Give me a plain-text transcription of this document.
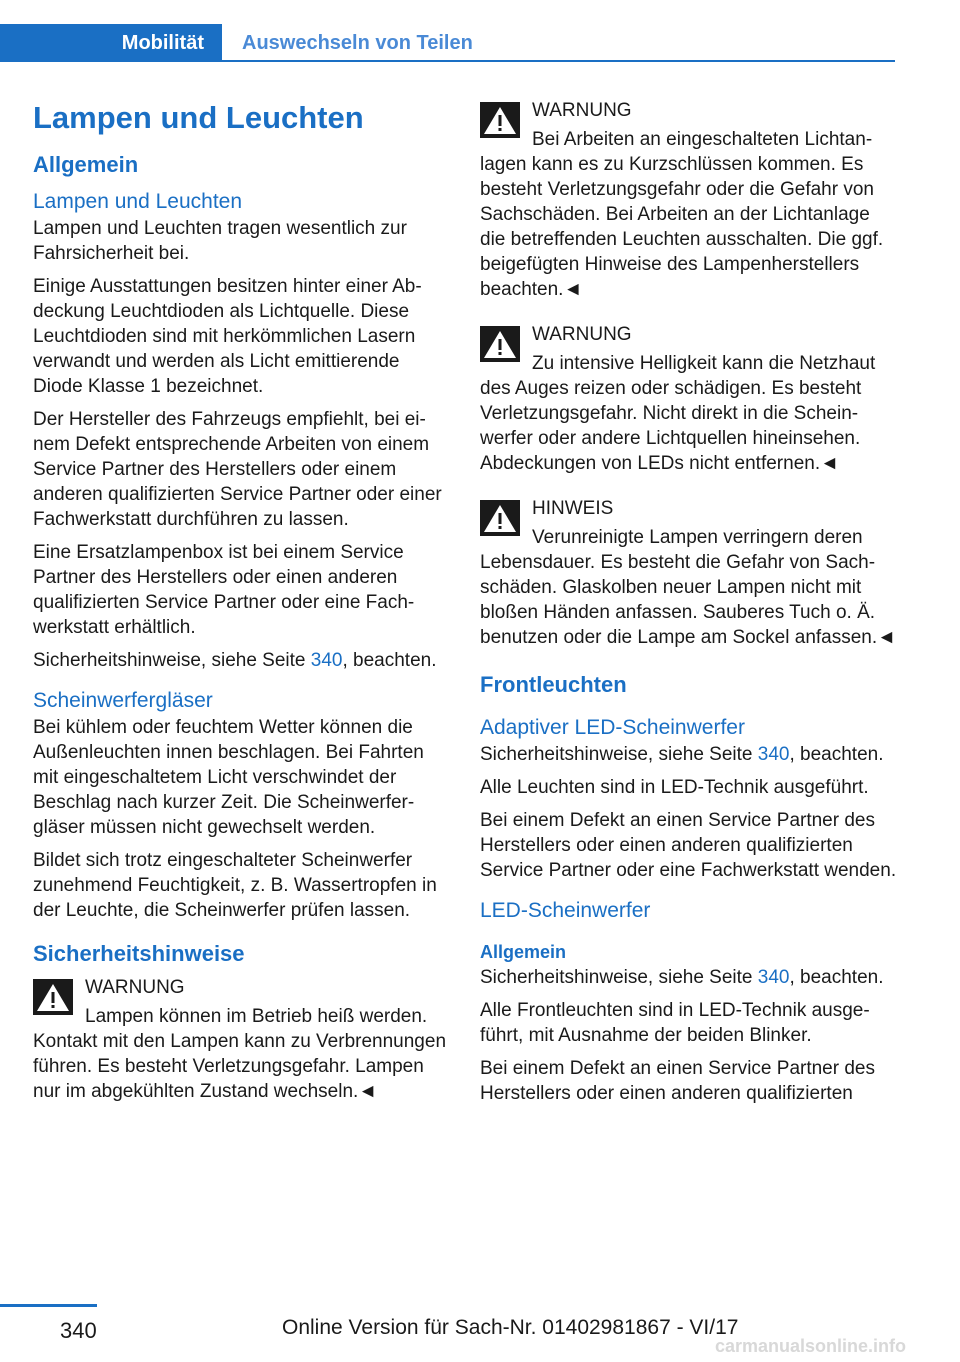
Mobilität	Auswechseln von Teilen
Lampen und Leuchten
Allgemein
Lampen und Leuchten

Lampen und Leuchten tragen wesentlich zur Fahrsicherheit bei.

Einige Ausstattungen besitzen hinter einer Abdeckung Leuchtdioden als Lichtquelle. Diese Leuchtdioden sind mit herkömmlichen Lasern verwandt und werden als Licht emittierende Diode Klasse 1 bezeichnet.

Der Hersteller des Fahrzeugs empfiehlt, bei einem Defekt entsprechende Arbeiten von einem Service Partner des Herstellers oder einem anderen qualifizierten Service Partner oder einer Fachwerkstatt durchführen zu lassen.

Eine Ersatzlampenbox ist bei einem Service Partner des Herstellers oder einen anderen qualifizierten Service Partner oder eine Fachwerkstatt erhältlich.

Sicherheitshinweise, siehe Seite 340, beachten.

Scheinwerfergläser

Bei kühlem oder feuchtem Wetter können die Außenleuchten innen beschlagen. Bei Fahrten mit eingeschaltetem Licht verschwindet der Beschlag nach kurzer Zeit. Die Scheinwerfergläser müssen nicht gewechselt werden.

Bildet sich trotz eingeschalteter Scheinwerfer zunehmend Feuchtigkeit, z. B. Wassertropfen in der Leuchte, die Scheinwerfer prüfen lassen.

Sicherheitshinweise
WARNUNG
Lampen können im Betrieb heiß werden. Kontakt mit den Lampen kann zu Verbrennungen führen. Es besteht Verletzungsgefahr. Lampen nur im abgekühlten Zustand wechseln.◄
WARNUNG
Bei Arbeiten an eingeschalteten Lichtanlagen kann es zu Kurzschlüssen kommen. Es besteht Verletzungsgefahr oder die Gefahr von Sachschäden. Bei Arbeiten an der Lichtanlage die betreffenden Leuchten ausschalten. Die ggf. beigefügten Hinweise des Lampenherstellers beachten.◄
WARNUNG
Zu intensive Helligkeit kann die Netzhaut des Auges reizen oder schädigen. Es besteht Verletzungsgefahr. Nicht direkt in die Scheinwerfer oder andere Lichtquellen hineinsehen. Abdeckungen von LEDs nicht entfernen.◄
HINWEIS
Verunreinigte Lampen verringern deren Lebensdauer. Es besteht die Gefahr von Sachschäden. Glaskolben neuer Lampen nicht mit bloßen Händen anfassen. Sauberes Tuch o. Ä. benutzen oder die Lampe am Sockel anfassen.◄
Frontleuchten
Adaptiver LED-Scheinwerfer

Sicherheitshinweise, siehe Seite 340, beachten.

Alle Leuchten sind in LED-Technik ausgeführt.

Bei einem Defekt an einen Service Partner des Herstellers oder einen anderen qualifizierten Service Partner oder eine Fachwerkstatt wenden.

LED-Scheinwerfer
Allgemein

Sicherheitshinweise, siehe Seite 340, beachten.

Alle Frontleuchten sind in LED-Technik ausgeführt, mit Ausnahme der beiden Blinker.

Bei einem Defekt an einen Service Partner des Herstellers oder einen anderen qualifizierten

340	Online Version für Sach-Nr. 01402981867 - VI/17
carmanualsonline.info
